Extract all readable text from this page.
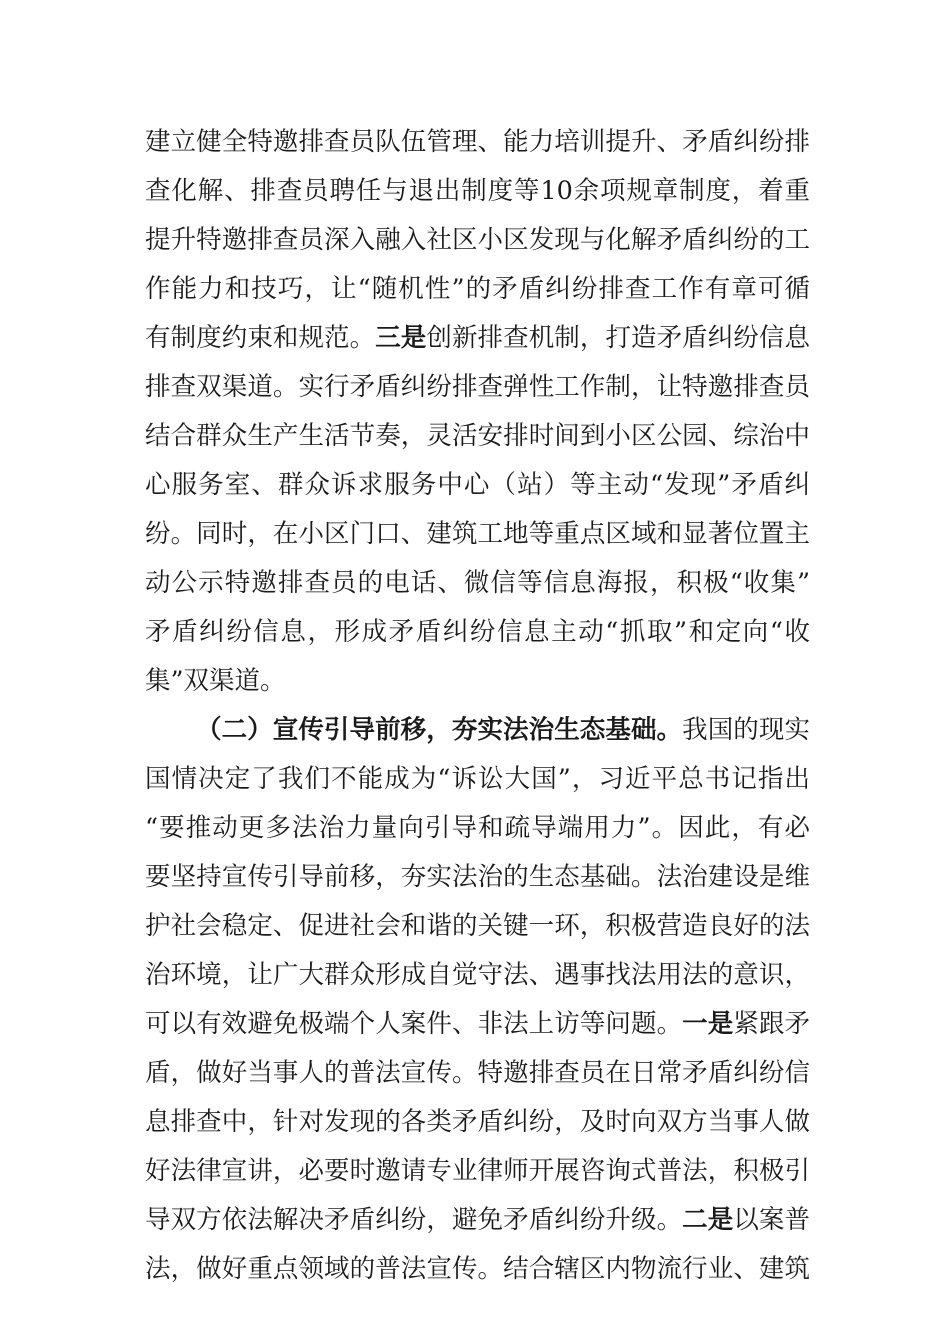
建立健全特邀排查员队伍管理、能力培训提升、矛盾纠纷排
查化解、排查员聘任与退出制度等10余项规章制度，着重
提升特邀排查员深入融入社区小区发现与化解矛盾纠纷的工
作能力和技巧，让“随机性”的矛盾纠纷排查工作有章可循
有制度约束和规范。三是创新排查机制，打造矛盾纠纷信息
排查双渠道。实行矛盾纠纷排查弹性工作制，让特邀排查员
结合群众生产生活节奏，灵活安排时间到小区公园、综治中
心服务室、群众诉求服务中心（站）等主动“发现”矛盾纠
纷。同时，在小区门口、建筑工地等重点区域和显著位置主
动公示特邀排查员的电话、微信等信息海报，积极“收集”
矛盾纠纷信息，形成矛盾纠纷信息主动“抓取”和定向“收
集”双渠道。
（二）宣传引导前移，夯实法治生态基础。我国的现实
国情决定了我们不能成为“诉讼大国”，习近平总书记指出
“要推动更多法治力量向引导和疏导端用力”。因此，有必
要坚持宣传引导前移，夯实法治的生态基础。法治建设是维
护社会稳定、促进社会和谐的关键一环，积极营造良好的法
治环境，让广大群众形成自觉守法、遇事找法用法的意识，
可以有效避免极端个人案件、非法上访等问题。一是紧跟矛
盾，做好当事人的普法宣传。特邀排查员在日常矛盾纠纷信
息排查中，针对发现的各类矛盾纠纷，及时向双方当事人做
好法律宣讲，必要时邀请专业律师开展咨询式普法，积极引
导双方依法解决矛盾纠纷，避免矛盾纠纷升级。二是以案普
法，做好重点领域的普法宣传。结合辖区内物流行业、建筑
